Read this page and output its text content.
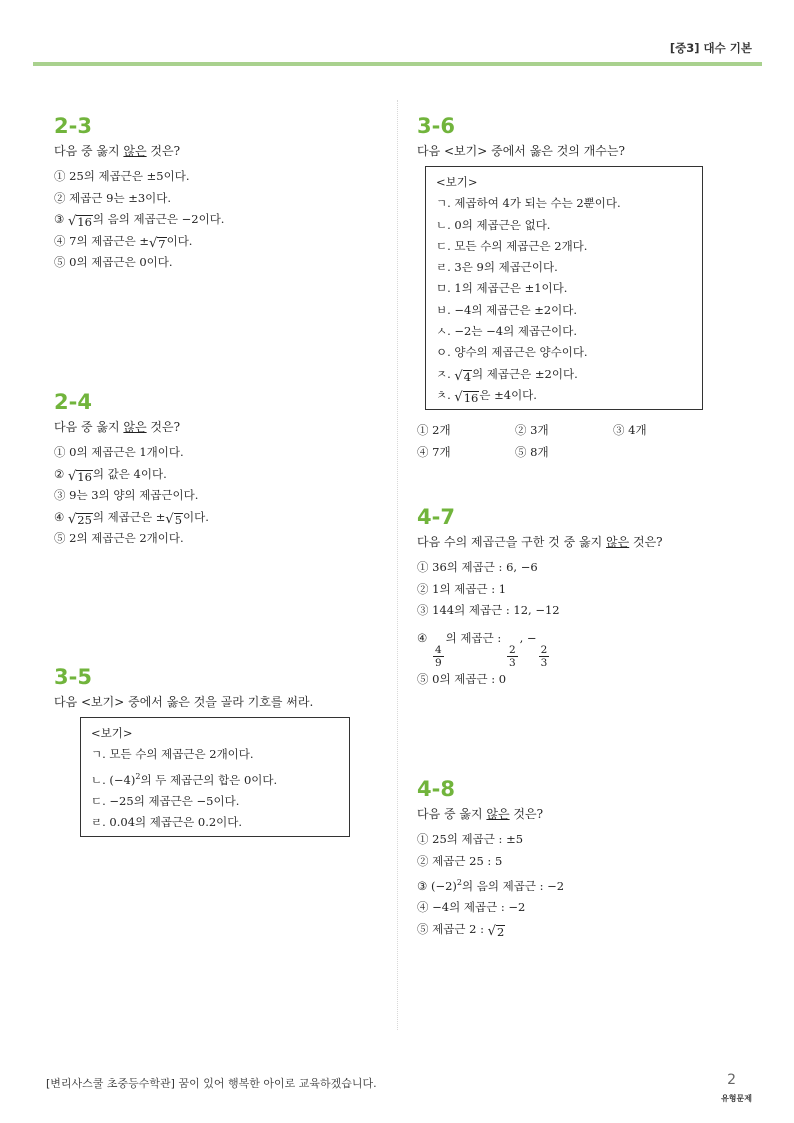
[중3] 대수 기본
2-3
다음 중 옳지 않은 것은?
① 25의 제곱근은 ±5이다.
② 제곱근 9는 ±3이다.
③ √ 16 의 음의 제곱근은 −2이다.
④ 7의 제곱근은 ± √ 7 이다.
⑤ 0의 제곱근은 0이다.
2-4
다음 중 옳지 않은 것은?
① 0의 제곱근은 1개이다.
② √ 16 의 값은 4이다.
③ 9는 3의 양의 제곱근이다.
④ √ 25 의 제곱근은 ± √ 5 이다.
⑤ 2의 제곱근은 2개이다.
3-5
다음 <보기> 중에서 옳은 것을 골라 기호를 써라.
<보기>
ㄱ. 모든 수의 제곱근은 2개이다.
ㄴ. $(-4)^2$의 두 제곱근의 합은 0이다.
ㄷ. −25의 제곱근은 −5이다.
ㄹ. 0.04의 제곱근은 0.2이다.
3-6
다음 <보기> 중에서 옳은 것의 개수는?
<보기>
ㄱ. 제곱하여 4가 되는 수는 2뿐이다.
ㄴ. 0의 제곱근은 없다.
ㄷ. 모든 수의 제곱근은 2개다.
ㄹ. 3은 9의 제곱근이다.
ㅁ. 1의 제곱근은 ±1이다.
ㅂ. −4의 제곱근은 ±2이다.
ㅅ. −2는 −4의 제곱근이다.
ㅇ. 양수의 제곱근은 양수이다.
ㅈ. √ 4 의 제곱근은 ±2이다.
ㅊ. √ 16 은 ±4이다.
① 2개	② 3개	③ 4개
④ 7개	⑤ 8개
4-7
다음 수의 제곱근을 구한 것 중 옳지 않은 것은?
① 36의 제곱근 : 6, −6
② 1의 제곱근 : 1
③ 144의 제곱근 : 12, −12
④
$\frac{4}{9}$
의 제곱근 :
$\frac{2}{3}$
, −
$\frac{2}{3}$
⑤ 0의 제곱근 : 0
4-8
다음 중 옳지 않은 것은?
① 25의 제곱근 : ±5
② 제곱근 25 : 5
③ $(-2)^2$의 음의 제곱근 : −2
④ −4의 제곱근 : −2
⑤ 제곱근 2 : √ 2
[변리사스쿨 초중등수학관] 꿈이 있어 행복한 아이로 교육하겠습니다.	2
유형문제
